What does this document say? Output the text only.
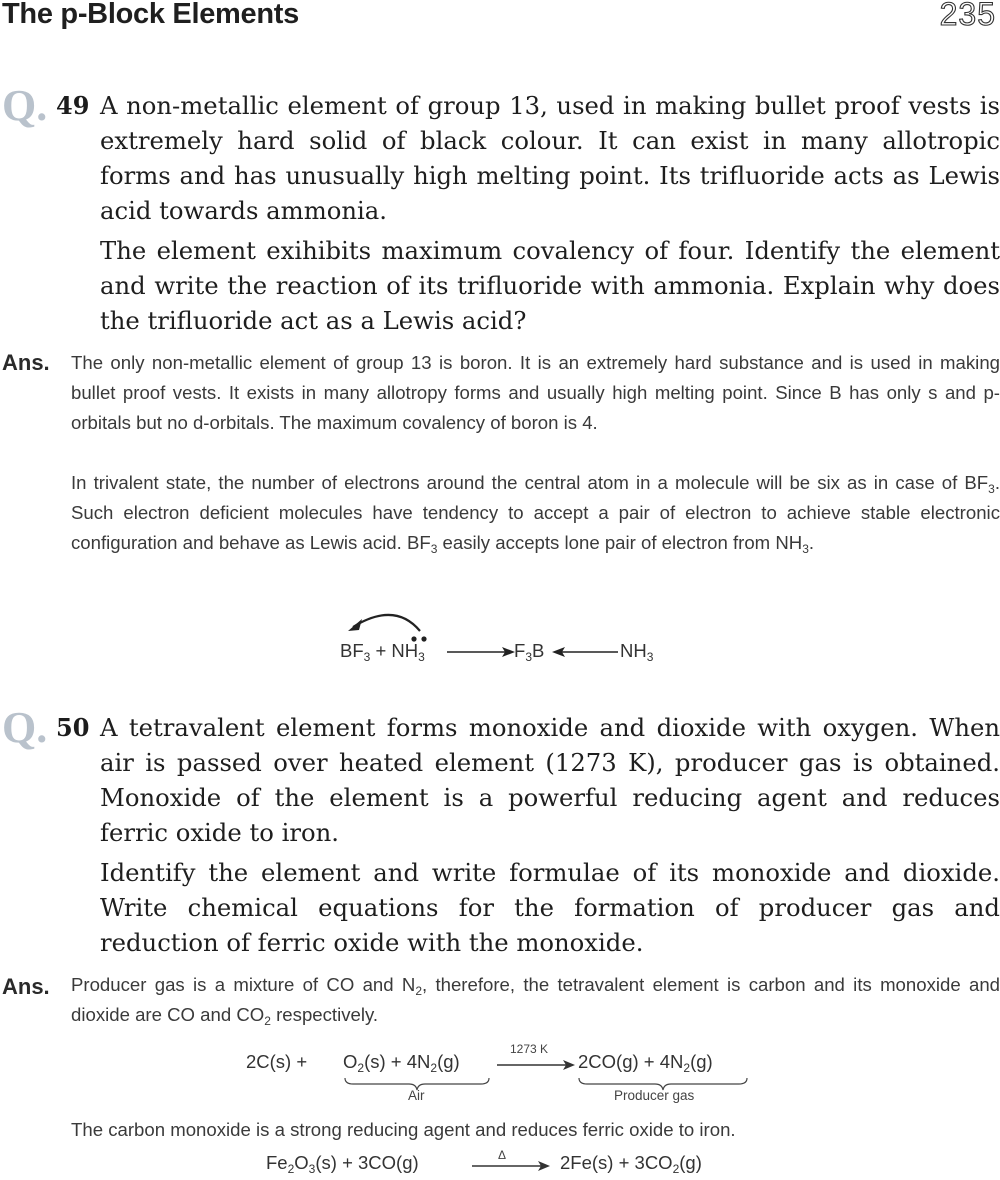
The p-Block Elements	235
Q. 49 A non-metallic element of group 13, used in making bullet proof vests is extremely hard solid of black colour. It can exist in many allotropic forms and has unusually high melting point. Its trifluoride acts as Lewis acid towards ammonia.
The element exihibits maximum covalency of four. Identify the element and write the reaction of its trifluoride with ammonia. Explain why does the trifluoride act as a Lewis acid?
Ans. The only non-metallic element of group 13 is boron. It is an extremely hard substance and is used in making bullet proof vests. It exists in many allotropy forms and usually high melting point. Since B has only s and p-orbitals but no d-orbitals. The maximum covalency of boron is 4.
In trivalent state, the number of electrons around the central atom in a molecule will be six as in case of $BF_3$. Such electron deficient molecules have tendency to accept a pair of electron to achieve stable electronic configuration and behave as Lewis acid. $BF_3$ easily accepts lone pair of electron from $NH_3$.
$BF_3 + NH_3$	$F_3B$	$NH_3$
Q. 50 A tetravalent element forms monoxide and dioxide with oxygen. When air is passed over heated element (1273 K), producer gas is obtained. Monoxide of the element is a powerful reducing agent and reduces ferric oxide to iron.
Identify the element and write formulae of its monoxide and dioxide. Write chemical equations for the formation of producer gas and reduction of ferric oxide with the monoxide.
Ans. Producer gas is a mixture of CO and $N_2$, therefore, the tetravalent element is carbon and its monoxide and dioxide are CO and $CO_2$ respectively.
$2C(s) + O_2(s) + 4N_2(g)$
Air
1273 K
$2CO(g) + 4N_2(g)$
Producer gas
The carbon monoxide is a strong reducing agent and reduces ferric oxide to iron.
$Fe_2O_3(s) + 3CO(g)$	Δ	$2Fe(s) + 3CO_2(g)$
